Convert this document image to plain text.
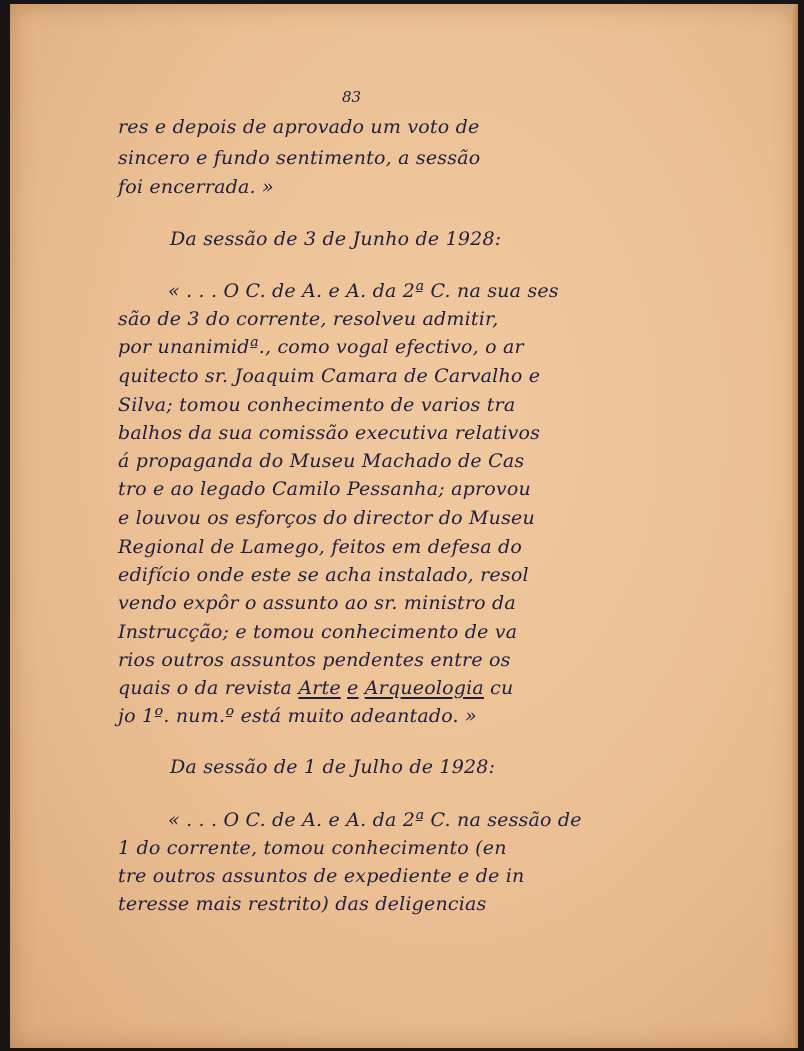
83
res e depois de aprovado um voto de
sincero e fundo sentimento, a sessão
foi encerrada. »
Da sessão de 3 de Junho de 1928:
« . . . O C. de A. e A. da 2ª C. na sua ses
são de 3 do corrente, resolveu admitir,
por unanimidª., como vogal efectivo, o ar
quitecto sr. Joaquim Camara de Carvalho e
Silva; tomou conhecimento de varios tra
balhos da sua comissão executiva relativos
á propaganda do Museu Machado de Cas
tro e ao legado Camilo Pessanha; aprovou
e louvou os esforços do director do Museu
Regional de Lamego, feitos em defesa do
edifício onde este se acha instalado, resol
vendo expôr o assunto ao sr. ministro da
Instrucção; e tomou conhecimento de va
rios outros assuntos pendentes entre os
quais o da revista Arte e Arqueologia cu
jo 1º. num.º está muito adeantado. »
Da sessão de 1 de Julho de 1928:
« . . . O C. de A. e A. da 2ª C. na sessão de
1 do corrente, tomou conhecimento (en
tre outros assuntos de expediente e de in
teresse mais restrito) das deligencias
